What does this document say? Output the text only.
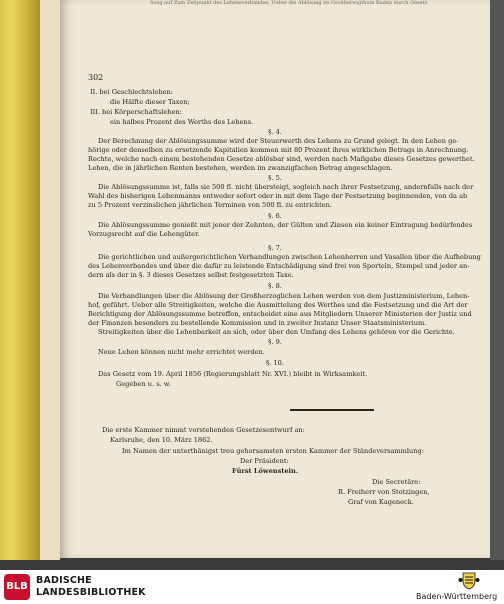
Ausg.auf Zum Zeitpunkt des Lehensverbandes; Ueber die Ablösung im Großherzogthum Baden durch Gesetz
302
II. bei Geschlechtslehen:
die Hälfte dieser Taxen;
III. bei Körperschaftslehen:
ein halbes Prozent des Werths des Lehens.
§. 4.
Der Berechnung der Ablösungssumme wird der Steuerwerth des Lehens zu Grund gelegt. In den Lehen ge-
hörige oder denselben zu ersetzende Kapitalien kommen mit 80 Prozent ihres wirklichen Betrags in Anrechnung.
Rechte, welche nach einem bestehenden Gesetze ablösbar sind, werden nach Maßgabe dieses Gesetzes gewerthet.
Lehen, die in jährlichen Renten bestehen, werden im zwanzigfachen Betrag angeschlagen.
§. 5.
Die Ablösungssumme ist, falls sie 500 fl. nicht übersteigt, sogleich nach ihrer Festsetzung, andernfalls nach der
Wahl des bisherigen Lehenmanns entweder sofort oder in mit dem Tage der Festsetzung beginnenden, von da ab
zu 5 Prozent verzinslichen jährlichen Terminen von 500 fl. zu entrichten.
§. 6.
Die Ablösungssumme genießt mit jener der Zehnten, der Gülten und Zinsen ein keiner Eintragung bedürfendes
Vorzugsrecht auf die Lehengüter.
§. 7.
Die gerichtlichen und außergerichtlichen Verhandlungen zwischen Lehenherren und Vasallen über die Aufhebung
des Lehenverbandes und über die dafür zu leistende Entschädigung sind frei von Sporteln, Stempel und jeder an-
dern als der in §. 3 dieses Gesetzes selbst festgesetzten Taxe.
§. 8.
Die Verhandlungen über die Ablösung der Großherzoglichen Lehen werden von dem Justizministerium, Lehen-
hof, geführt. Ueber alle Streitigkeiten, welche die Ausmittelung des Werthes und die Festsetzung und die Art der
Berichtigung der Ablösungssumme betreffen, entscheidet eine aus Mitgliedern Unserer Ministerien der Justiz und
der Finanzen besonders zu bestellende Kommission und in zweiter Instanz Unser Staatsministerium.
Streitigkeiten über die Lehenbarkeit an sich, oder über den Umfang des Lehens gehören vor die Gerichte.
§. 9.
Neue Lehen können nicht mehr errichtet werden.
§. 10.
Das Gesetz vom 19. April 1856 (Regierungsblatt Nr. XVI.) bleibt in Wirksamkeit.
Gegeben u. s. w.
Die erste Kammer nimmt vorstehenden Gesetzesentwurf an:
Karlsruhe, den 10. März 1862.
Im Namen der unterthänigst treu gehorsamsten ersten Kammer der Ständeversammlung:
Der Präsident:
Fürst Löwenstein.
Die Secretäre:
R. Freiherr von Stotzingen,
Graf von Kageneck.
BLB
BADISCHE
LANDESBIBLIOTHEK	Baden-Württemberg
